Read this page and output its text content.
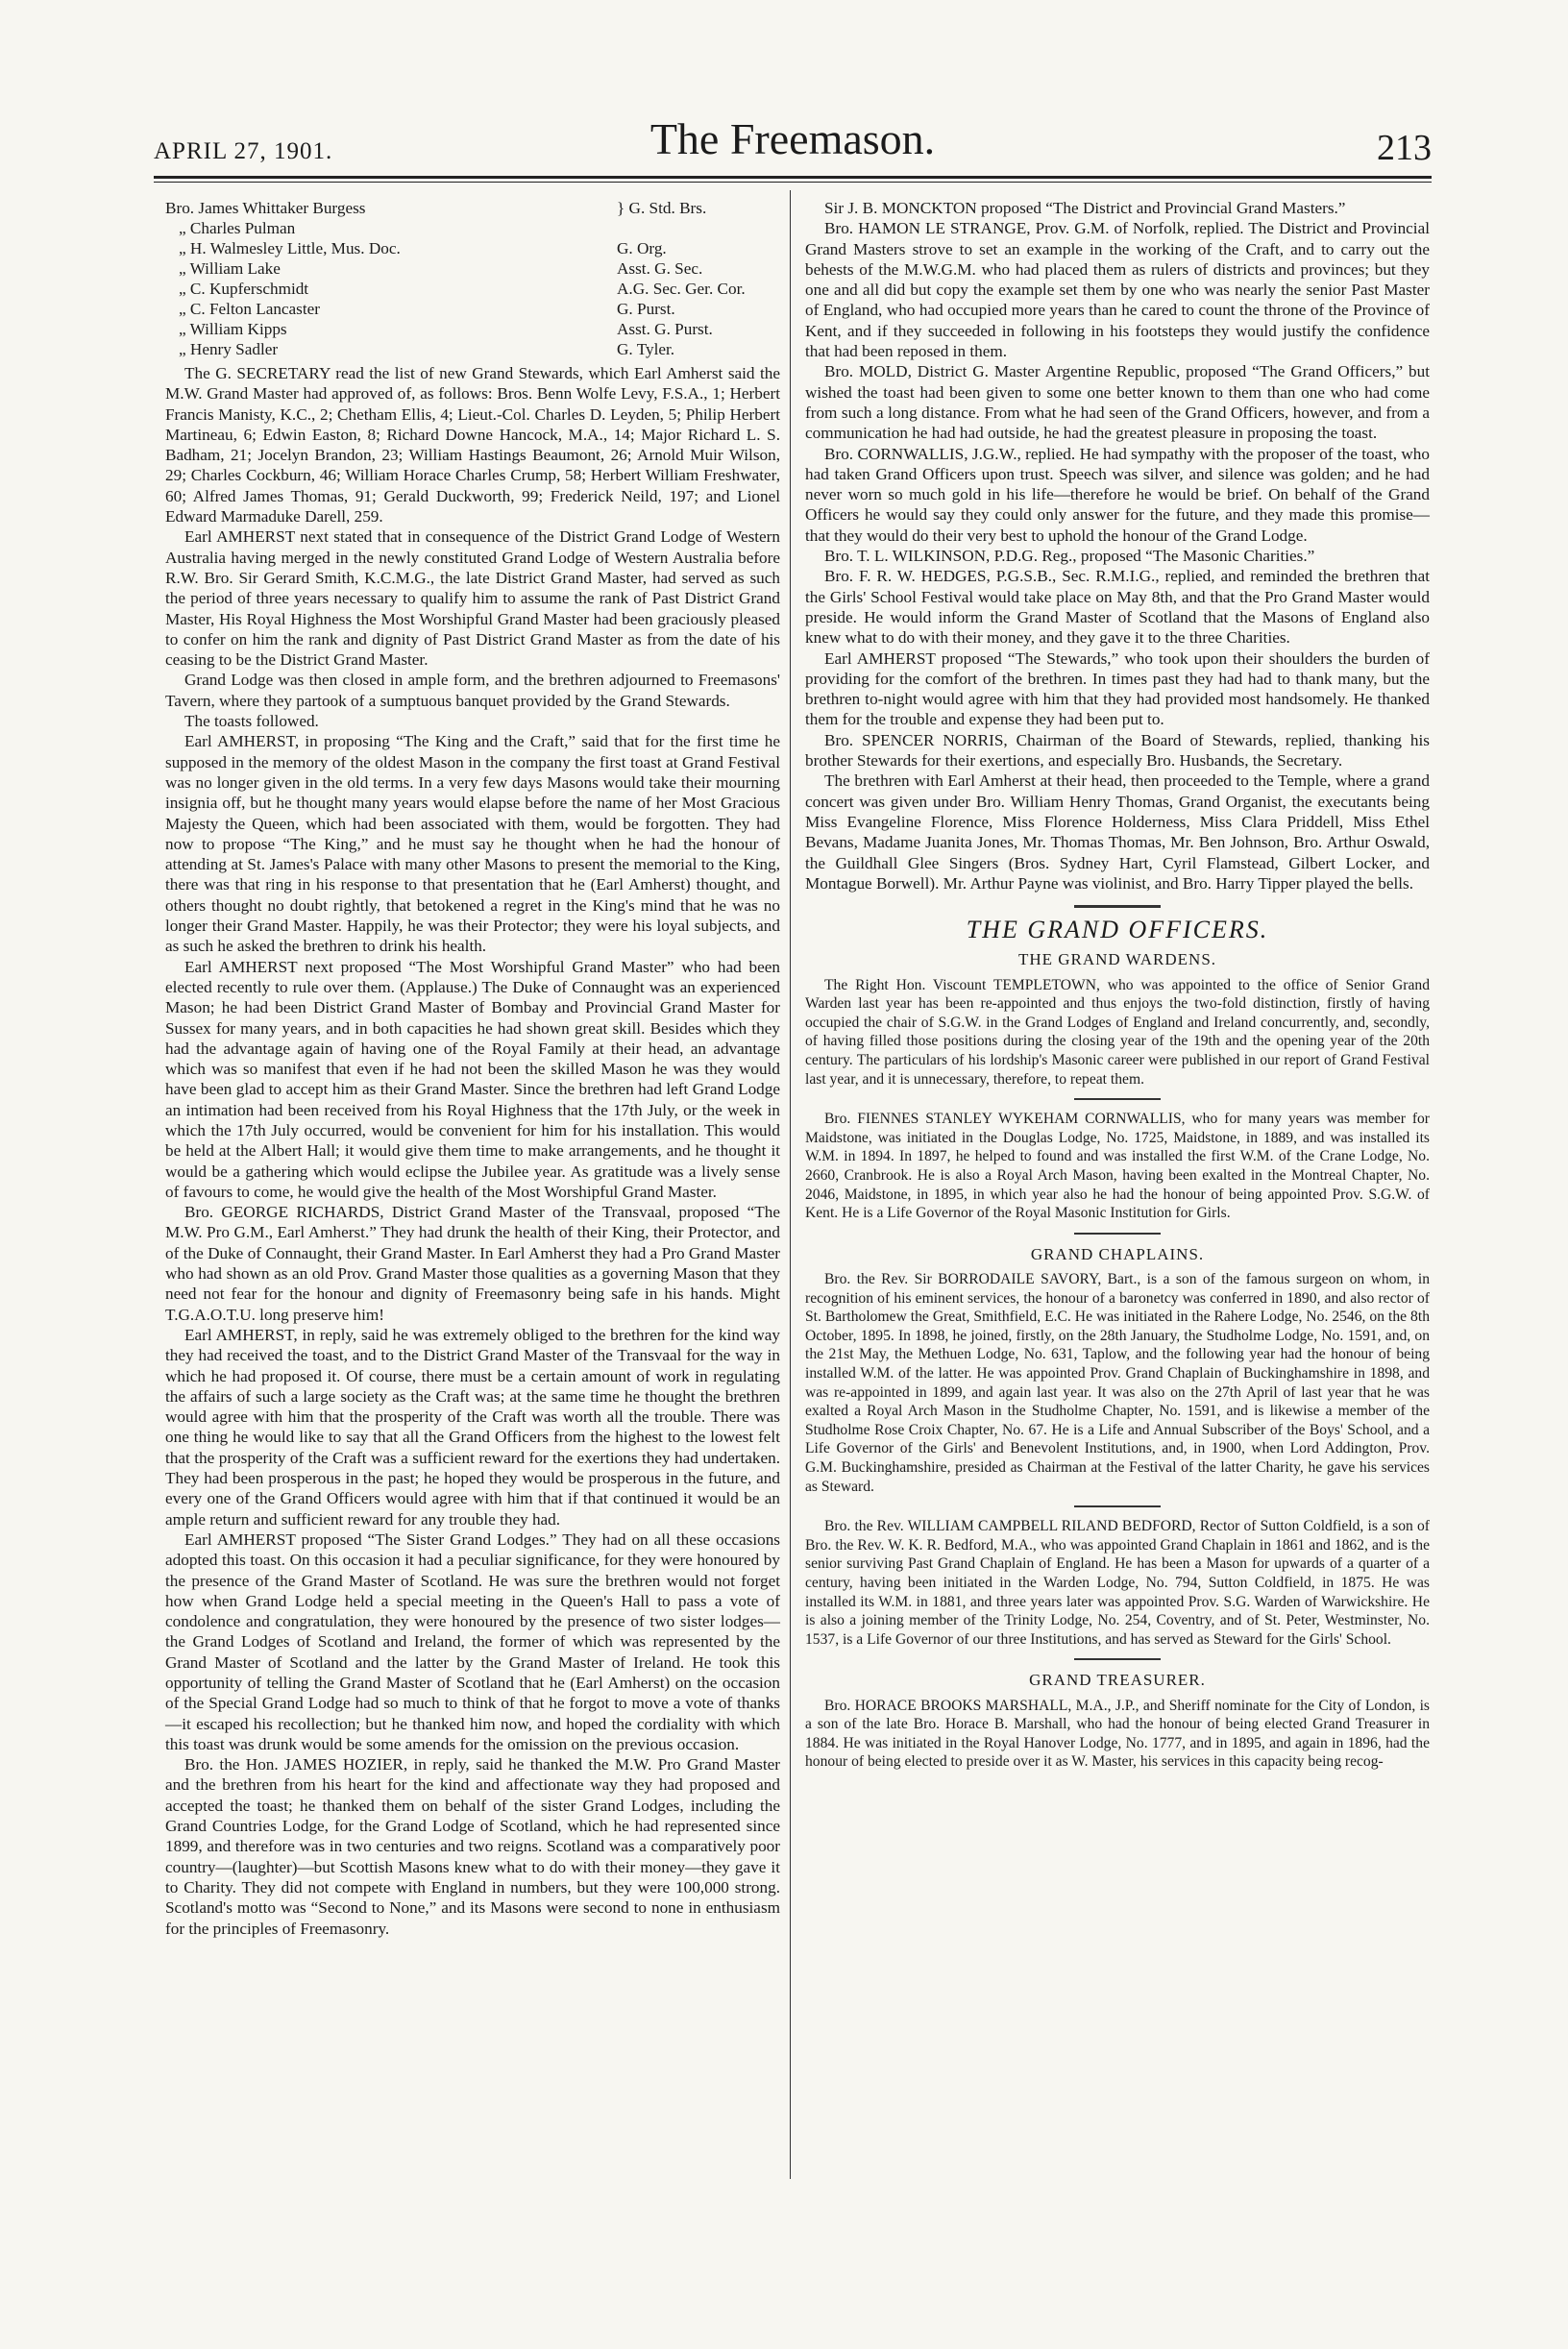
APRIL 27, 1901.	The Freemason.	213
Bro. James Whittaker Burgess	} G. Std. Brs.
„ Charles Pulman
„ H. Walmesley Little, Mus. Doc.	G. Org.
„ William Lake	Asst. G. Sec.
„ C. Kupferschmidt	A.G. Sec. Ger. Cor.
„ C. Felton Lancaster	G. Purst.
„ William Kipps	Asst. G. Purst.
„ Henry Sadler	G. Tyler.

The G. SECRETARY read the list of new Grand Stewards, which Earl Amherst said the M.W. Grand Master had approved of, as follows: Bros. Benn Wolfe Levy, F.S.A., 1; Herbert Francis Manisty, K.C., 2; Chetham Ellis, 4; Lieut.-Col. Charles D. Leyden, 5; Philip Herbert Martineau, 6; Edwin Easton, 8; Richard Downe Hancock, M.A., 14; Major Richard L. S. Badham, 21; Jocelyn Brandon, 23; William Hastings Beaumont, 26; Arnold Muir Wilson, 29; Charles Cockburn, 46; William Horace Charles Crump, 58; Herbert William Freshwater, 60; Alfred James Thomas, 91; Gerald Duckworth, 99; Frederick Neild, 197; and Lionel Edward Marmaduke Darell, 259.

Earl AMHERST next stated that in consequence of the District Grand Lodge of Western Australia having merged in the newly constituted Grand Lodge of Western Australia before R.W. Bro. Sir Gerard Smith, K.C.M.G., the late District Grand Master, had served as such the period of three years necessary to qualify him to assume the rank of Past District Grand Master, His Royal Highness the Most Worshipful Grand Master had been graciously pleased to confer on him the rank and dignity of Past District Grand Master as from the date of his ceasing to be the District Grand Master.

Grand Lodge was then closed in ample form, and the brethren adjourned to Freemasons' Tavern, where they partook of a sumptuous banquet provided by the Grand Stewards.

The toasts followed.

Earl AMHERST, in proposing “The King and the Craft,” said that for the first time he supposed in the memory of the oldest Mason in the company the first toast at Grand Festival was no longer given in the old terms. In a very few days Masons would take their mourning insignia off, but he thought many years would elapse before the name of her Most Gracious Majesty the Queen, which had been associated with them, would be forgotten. They had now to propose “The King,” and he must say he thought when he had the honour of attending at St. James's Palace with many other Masons to present the memorial to the King, there was that ring in his response to that presentation that he (Earl Amherst) thought, and others thought no doubt rightly, that betokened a regret in the King's mind that he was no longer their Grand Master. Happily, he was their Protector; they were his loyal subjects, and as such he asked the brethren to drink his health.

Earl AMHERST next proposed “The Most Worshipful Grand Master” who had been elected recently to rule over them. (Applause.) The Duke of Connaught was an experienced Mason; he had been District Grand Master of Bombay and Provincial Grand Master for Sussex for many years, and in both capacities he had shown great skill. Besides which they had the advantage again of having one of the Royal Family at their head, an advantage which was so manifest that even if he had not been the skilled Mason he was they would have been glad to accept him as their Grand Master. Since the brethren had left Grand Lodge an intimation had been received from his Royal Highness that the 17th July, or the week in which the 17th July occurred, would be convenient for him for his installation. This would be held at the Albert Hall; it would give them time to make arrangements, and he thought it would be a gathering which would eclipse the Jubilee year. As gratitude was a lively sense of favours to come, he would give the health of the Most Worshipful Grand Master.

Bro. GEORGE RICHARDS, District Grand Master of the Transvaal, proposed “The M.W. Pro G.M., Earl Amherst.” They had drunk the health of their King, their Protector, and of the Duke of Connaught, their Grand Master. In Earl Amherst they had a Pro Grand Master who had shown as an old Prov. Grand Master those qualities as a governing Mason that they need not fear for the honour and dignity of Freemasonry being safe in his hands. Might T.G.A.O.T.U. long preserve him!

Earl AMHERST, in reply, said he was extremely obliged to the brethren for the kind way they had received the toast, and to the District Grand Master of the Transvaal for the way in which he had proposed it. Of course, there must be a certain amount of work in regulating the affairs of such a large society as the Craft was; at the same time he thought the brethren would agree with him that the prosperity of the Craft was worth all the trouble. There was one thing he would like to say that all the Grand Officers from the highest to the lowest felt that the prosperity of the Craft was a sufficient reward for the exertions they had undertaken. They had been prosperous in the past; he hoped they would be prosperous in the future, and every one of the Grand Officers would agree with him that if that continued it would be an ample return and sufficient reward for any trouble they had.

Earl AMHERST proposed “The Sister Grand Lodges.” They had on all these occasions adopted this toast. On this occasion it had a peculiar significance, for they were honoured by the presence of the Grand Master of Scotland. He was sure the brethren would not forget how when Grand Lodge held a special meeting in the Queen's Hall to pass a vote of condolence and congratulation, they were honoured by the presence of two sister lodges—the Grand Lodges of Scotland and Ireland, the former of which was represented by the Grand Master of Scotland and the latter by the Grand Master of Ireland. He took this opportunity of telling the Grand Master of Scotland that he (Earl Amherst) on the occasion of the Special Grand Lodge had so much to think of that he forgot to move a vote of thanks—it escaped his recollection; but he thanked him now, and hoped the cordiality with which this toast was drunk would be some amends for the omission on the previous occasion.

Bro. the Hon. JAMES HOZIER, in reply, said he thanked the M.W. Pro Grand Master and the brethren from his heart for the kind and affectionate way they had proposed and accepted the toast; he thanked them on behalf of the sister Grand Lodges, including the Grand Countries Lodge, for the Grand Lodge of Scotland, which he had represented since 1899, and therefore was in two centuries and two reigns. Scotland was a comparatively poor country—(laughter)—but Scottish Masons knew what to do with their money—they gave it to Charity. They did not compete with England in numbers, but they were 100,000 strong. Scotland's motto was “Second to None,” and its Masons were second to none in enthusiasm for the principles of Freemasonry.

Sir J. B. MONCKTON proposed “The District and Provincial Grand Masters.”

Bro. HAMON LE STRANGE, Prov. G.M. of Norfolk, replied. The District and Provincial Grand Masters strove to set an example in the working of the Craft, and to carry out the behests of the M.W.G.M. who had placed them as rulers of districts and provinces; but they one and all did but copy the example set them by one who was nearly the senior Past Master of England, who had occupied more years than he cared to count the throne of the Province of Kent, and if they succeeded in following in his footsteps they would justify the confidence that had been reposed in them.

Bro. MOLD, District G. Master Argentine Republic, proposed “The Grand Officers,” but wished the toast had been given to some one better known to them than one who had come from such a long distance. From what he had seen of the Grand Officers, however, and from a communication he had had outside, he had the greatest pleasure in proposing the toast.

Bro. CORNWALLIS, J.G.W., replied. He had sympathy with the proposer of the toast, who had taken Grand Officers upon trust. Speech was silver, and silence was golden; and he had never worn so much gold in his life—therefore he would be brief. On behalf of the Grand Officers he would say they could only answer for the future, and they made this promise—that they would do their very best to uphold the honour of the Grand Lodge.

Bro. T. L. WILKINSON, P.D.G. Reg., proposed “The Masonic Charities.”

Bro. F. R. W. HEDGES, P.G.S.B., Sec. R.M.I.G., replied, and reminded the brethren that the Girls' School Festival would take place on May 8th, and that the Pro Grand Master would preside. He would inform the Grand Master of Scotland that the Masons of England also knew what to do with their money, and they gave it to the three Charities.

Earl AMHERST proposed “The Stewards,” who took upon their shoulders the burden of providing for the comfort of the brethren. In times past they had had to thank many, but the brethren to-night would agree with him that they had provided most handsomely. He thanked them for the trouble and expense they had been put to.

Bro. SPENCER NORRIS, Chairman of the Board of Stewards, replied, thanking his brother Stewards for their exertions, and especially Bro. Husbands, the Secretary.

The brethren with Earl Amherst at their head, then proceeded to the Temple, where a grand concert was given under Bro. William Henry Thomas, Grand Organist, the executants being Miss Evangeline Florence, Miss Florence Holderness, Miss Clara Priddell, Miss Ethel Bevans, Madame Juanita Jones, Mr. Thomas Thomas, Mr. Ben Johnson, Bro. Arthur Oswald, the Guildhall Glee Singers (Bros. Sydney Hart, Cyril Flamstead, Gilbert Locker, and Montague Borwell). Mr. Arthur Payne was violinist, and Bro. Harry Tipper played the bells.

THE GRAND OFFICERS.
THE GRAND WARDENS.

The Right Hon. Viscount TEMPLETOWN, who was appointed to the office of Senior Grand Warden last year has been re-appointed and thus enjoys the two-fold distinction, firstly of having occupied the chair of S.G.W. in the Grand Lodges of England and Ireland concurrently, and, secondly, of having filled those positions during the closing year of the 19th and the opening year of the 20th century. The particulars of his lordship's Masonic career were published in our report of Grand Festival last year, and it is unnecessary, therefore, to repeat them.

Bro. FIENNES STANLEY WYKEHAM CORNWALLIS, who for many years was member for Maidstone, was initiated in the Douglas Lodge, No. 1725, Maidstone, in 1889, and was installed its W.M. in 1894. In 1897, he helped to found and was installed the first W.M. of the Crane Lodge, No. 2660, Cranbrook. He is also a Royal Arch Mason, having been exalted in the Montreal Chapter, No. 2046, Maidstone, in 1895, in which year also he had the honour of being appointed Prov. S.G.W. of Kent. He is a Life Governor of the Royal Masonic Institution for Girls.

GRAND CHAPLAINS.

Bro. the Rev. Sir BORRODAILE SAVORY, Bart., is a son of the famous surgeon on whom, in recognition of his eminent services, the honour of a baronetcy was conferred in 1890, and also rector of St. Bartholomew the Great, Smithfield, E.C. He was initiated in the Rahere Lodge, No. 2546, on the 8th October, 1895. In 1898, he joined, firstly, on the 28th January, the Studholme Lodge, No. 1591, and, on the 21st May, the Methuen Lodge, No. 631, Taplow, and the following year had the honour of being installed W.M. of the latter. He was appointed Prov. Grand Chaplain of Buckinghamshire in 1898, and was re-appointed in 1899, and again last year. It was also on the 27th April of last year that he was exalted a Royal Arch Mason in the Studholme Chapter, No. 1591, and is likewise a member of the Studholme Rose Croix Chapter, No. 67. He is a Life and Annual Subscriber of the Boys' School, and a Life Governor of the Girls' and Benevolent Institutions, and, in 1900, when Lord Addington, Prov. G.M. Buckinghamshire, presided as Chairman at the Festival of the latter Charity, he gave his services as Steward.

Bro. the Rev. WILLIAM CAMPBELL RILAND BEDFORD, Rector of Sutton Coldfield, is a son of Bro. the Rev. W. K. R. Bedford, M.A., who was appointed Grand Chaplain in 1861 and 1862, and is the senior surviving Past Grand Chaplain of England. He has been a Mason for upwards of a quarter of a century, having been initiated in the Warden Lodge, No. 794, Sutton Coldfield, in 1875. He was installed its W.M. in 1881, and three years later was appointed Prov. S.G. Warden of Warwickshire. He is also a joining member of the Trinity Lodge, No. 254, Coventry, and of St. Peter, Westminster, No. 1537, is a Life Governor of our three Institutions, and has served as Steward for the Girls' School.

GRAND TREASURER.

Bro. HORACE BROOKS MARSHALL, M.A., J.P., and Sheriff nominate for the City of London, is a son of the late Bro. Horace B. Marshall, who had the honour of being elected Grand Treasurer in 1884. He was initiated in the Royal Hanover Lodge, No. 1777, and in 1895, and again in 1896, had the honour of being elected to preside over it as W. Master, his services in this capacity being recog-
